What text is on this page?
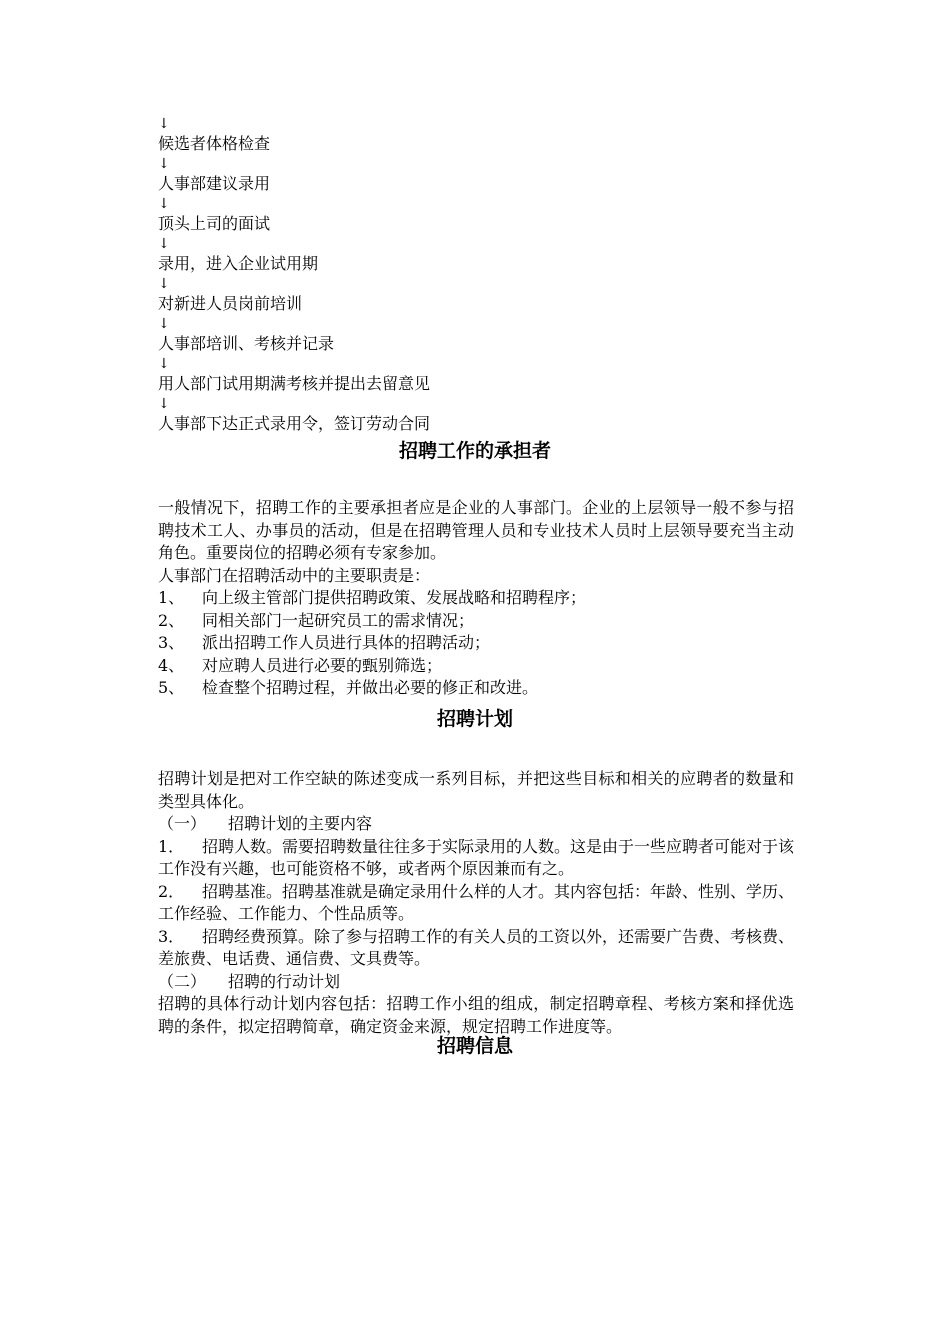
↓
候选者体格检查
↓
人事部建议录用
↓
顶头上司的面试
↓
录用，进入企业试用期
↓
对新进人员岗前培训
↓
人事部培训、考核并记录
↓
用人部门试用期满考核并提出去留意见
↓
人事部下达正式录用令，签订劳动合同
招聘工作的承担者

一般情况下，招聘工作的主要承担者应是企业的人事部门。企业的上层领导一般不参与招聘技术工人、办事员的活动，但是在招聘管理人员和专业技术人员时上层领导要充当主动角色。重要岗位的招聘必须有专家参加。

人事部门在招聘活动中的主要职责是：

1、	向上级主管部门提供招聘政策、发展战略和招聘程序；
2、	同相关部门一起研究员工的需求情况；
3、	派出招聘工作人员进行具体的招聘活动；
4、	对应聘人员进行必要的甄别筛选；
5、	检查整个招聘过程，并做出必要的修正和改进。
招聘计划

招聘计划是把对工作空缺的陈述变成一系列目标，并把这些目标和相关的应聘者的数量和类型具体化。

（一）	招聘计划的主要内容

1． 招聘人数。需要招聘数量往往多于实际录用的人数。这是由于一些应聘者可能对于该工作没有兴趣，也可能资格不够，或者两个原因兼而有之。

2． 招聘基准。招聘基准就是确定录用什么样的人才。其内容包括：年龄、性别、学历、工作经验、工作能力、个性品质等。

3． 招聘经费预算。除了参与招聘工作的有关人员的工资以外，还需要广告费、考核费、差旅费、电话费、通信费、文具费等。

（二）	招聘的行动计划

招聘的具体行动计划内容包括：招聘工作小组的组成，制定招聘章程、考核方案和择优选聘的条件，拟定招聘简章，确定资金来源，规定招聘工作进度等。

招聘信息
